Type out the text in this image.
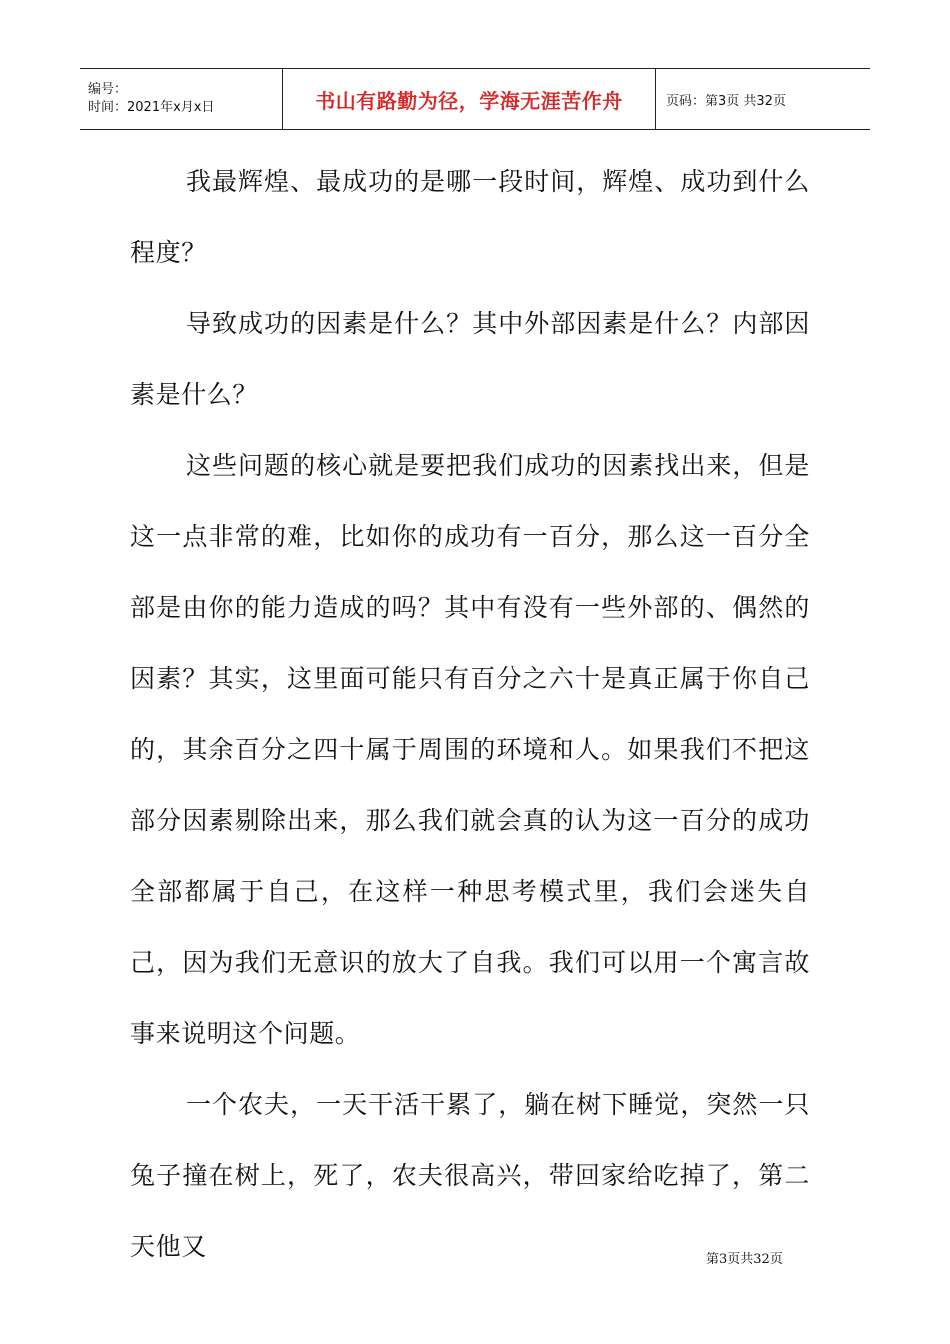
编号：
时间：2021年x月x日	书山有路勤为径，学海无涯苦作舟	页码：第3页 共32页

我最辉煌、最成功的是哪一段时间，辉煌、成功到什么程度？

导致成功的因素是什么？其中外部因素是什么？内部因素是什么？

这些问题的核心就是要把我们成功的因素找出来，但是这一点非常的难，比如你的成功有一百分，那么这一百分全部是由你的能力造成的吗？其中有没有一些外部的、偶然的因素？其实，这里面可能只有百分之六十是真正属于你自己的，其余百分之四十属于周围的环境和人。如果我们不把这部分因素剔除出来，那么我们就会真的认为这一百分的成功全部都属于自己，在这样一种思考模式里，我们会迷失自己，因为我们无意识的放大了自我。我们可以用一个寓言故事来说明这个问题。

一个农夫，一天干活干累了，躺在树下睡觉，突然一只兔子撞在树上，死了，农夫很高兴，带回家给吃掉了，第二天他又	第3页共32页
